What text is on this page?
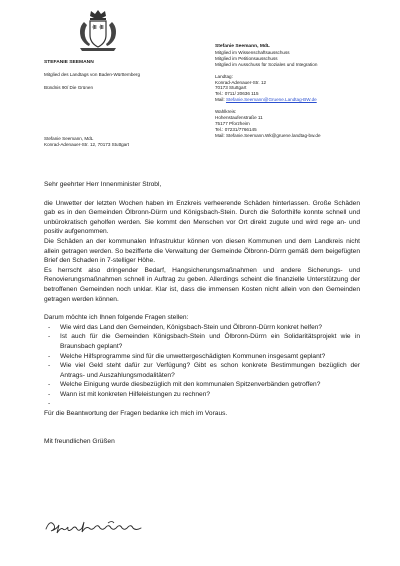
STEFANIE SEEMANN
Mitglied des Landtags von Baden-Württemberg
Bündnis 90/ Die Grünen
Stefanie Seemann, MdL
Konrad-Adenauer-Str. 12, 70173 Stuttgart
Stefanie Seemann, MdL
Mitglied im Wissenschaftsausschuss
Mitglied im Petitionsausschuss
Mitglied im Ausschuss für Soziales und Integration
Landtag:
Konrad-Adenauer-Str. 12
70173 Stuttgart
Tel.: 0711/ 20636 115
Mail: Stefanie.Seemann@Gruene.Landtag-BW.de
Wahlkreis:
Hohenstaufenstraße 11
75177 Pforzheim
Tel.: 07231/7766145
Mail: Stefanie.Seemann.Wk@gruene.landtag-bw.de

Sehr geehrter Herr Innenminister Strobl,

die Unwetter der letzten Wochen haben im Enzkreis verheerende Schäden hinterlassen. Große Schäden gab es in den Gemeinden Ölbronn-Dürrn und Königsbach-Stein. Durch die Soforthilfe konnte schnell und unbürokratisch geholfen werden. Sie kommt den Menschen vor Ort direkt zugute und wird rege an- und positiv aufgenommen.

Die Schäden an der kommunalen Infrastruktur können von diesen Kommunen und dem Landkreis nicht allein getragen werden. So bezifferte die Verwaltung der Gemeinde Ölbronn-Dürrn gemäß dem beigefügten Brief den Schaden in 7-stelliger Höhe.

Es herrscht also dringender Bedarf, Hangsicherungsmaßnahmen und andere Sicherungs- und Renovierungsmaßnahmen schnell in Auftrag zu geben. Allerdings scheint die finanzielle Unterstützung der betroffenen Gemeinden noch unklar. Klar ist, dass die immensen Kosten nicht allein von den Gemeinden getragen werden können.

Darum möchte ich Ihnen folgende Fragen stellen:

- Wie wird das Land den Gemeinden, Königsbach-Stein und Ölbronn-Dürrn konkret helfen?
- Ist auch für die Gemeinden Königsbach-Stein und Ölbronn-Dürrn ein Solidaritätsprojekt wie in Braunsbach geplant?
- Welche Hilfsprogramme sind für die unwettergeschädigten Kommunen insgesamt geplant?
- Wie viel Geld steht dafür zur Verfügung? Gibt es schon konkrete Bestimmungen bezüglich der Antrags- und Auszahlungsmodalitäten?
- Welche Einigung wurde diesbezüglich mit den kommunalen Spitzenverbänden getroffen?
- Wann ist mit konkreten Hilfeleistungen zu rechnen?
-

Für die Beantwortung der Fragen bedanke ich mich im Voraus.

Mit freundlichen Grüßen
